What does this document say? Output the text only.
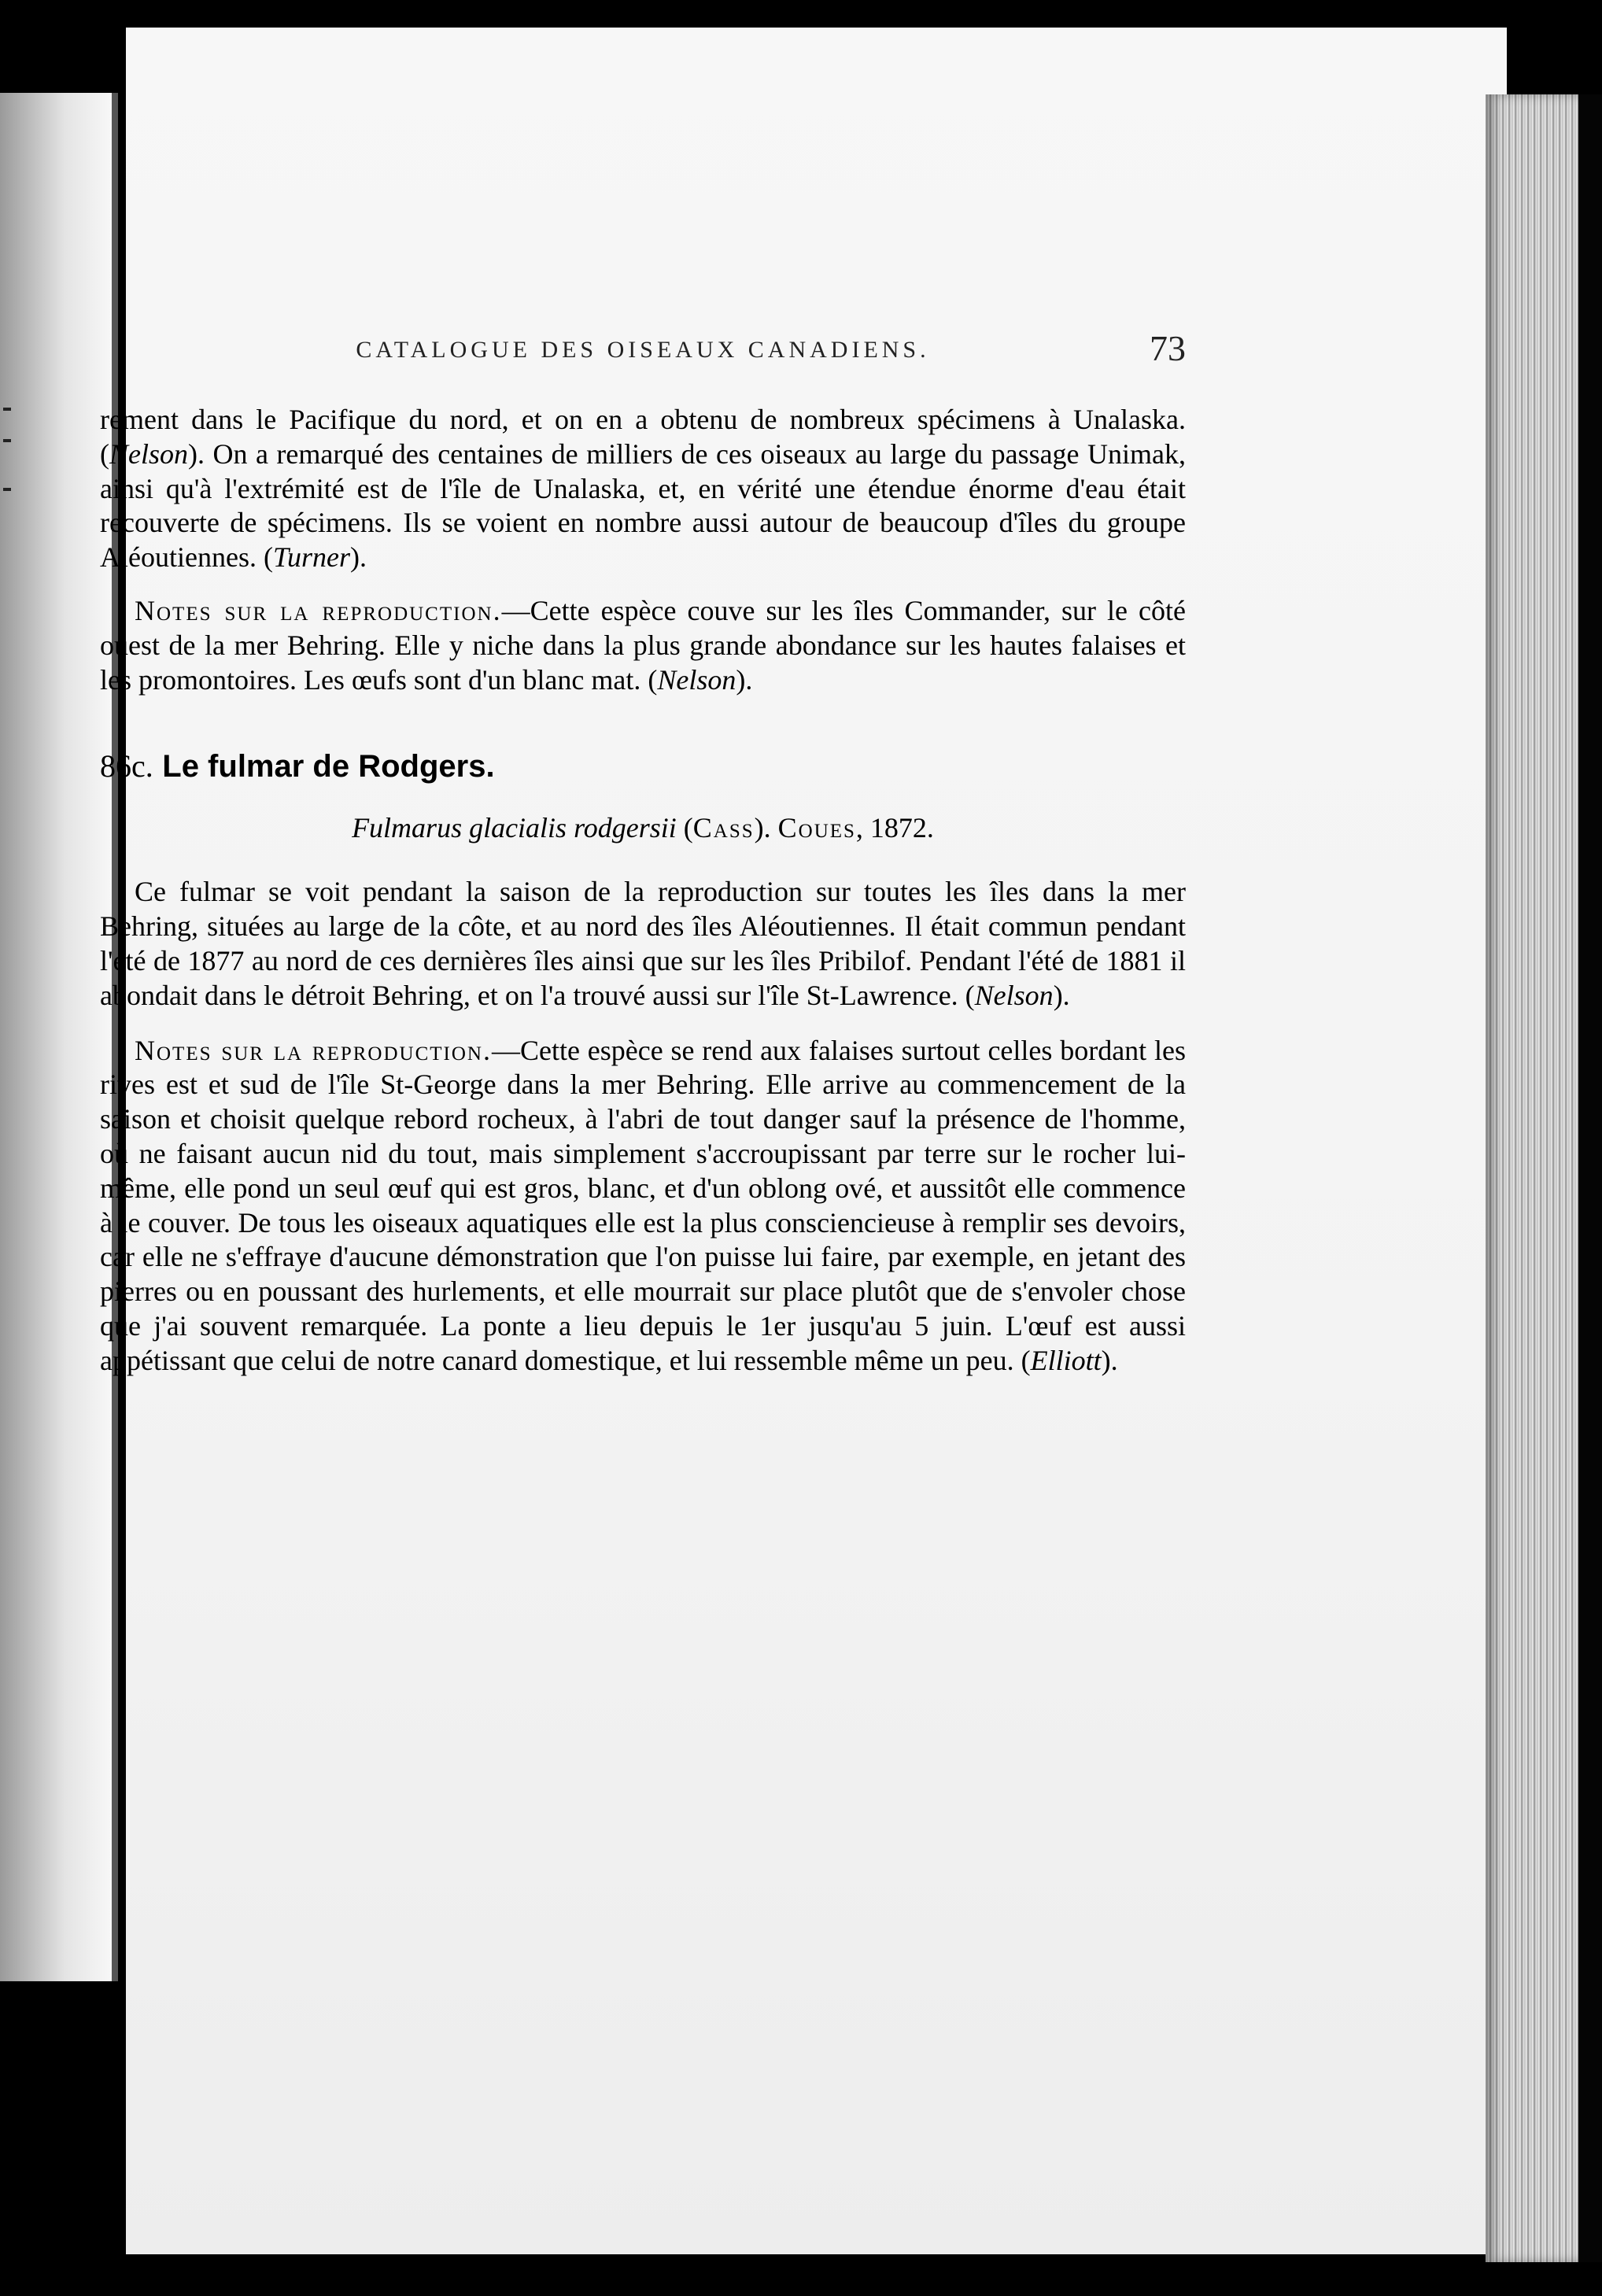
CATALOGUE DES OISEAUX CANADIENS.	73

rement dans le Pacifique du nord, et on en a obtenu de nombreux spécimens à Unalaska. (Nelson). On a remarqué des centaines de milliers de ces oiseaux au large du passage Unimak, ainsi qu'à l'extrémité est de l'île de Unalaska, et, en vérité une étendue énorme d'eau était recouverte de spécimens. Ils se voient en nombre aussi autour de beaucoup d'îles du groupe Aléoutiennes. (Turner).

Notes sur la reproduction.—Cette espèce couve sur les îles Commander, sur le côté ouest de la mer Behring. Elle y niche dans la plus grande abondance sur les hautes falaises et les promontoires. Les œufs sont d'un blanc mat. (Nelson).

86c. Le fulmar de Rodgers.

Fulmarus glacialis rodgersii (Cass). Coues, 1872.

Ce fulmar se voit pendant la saison de la reproduction sur toutes les îles dans la mer Behring, situées au large de la côte, et au nord des îles Aléoutiennes. Il était commun pendant l'été de 1877 au nord de ces dernières îles ainsi que sur les îles Pribilof. Pendant l'été de 1881 il abondait dans le détroit Behring, et on l'a trouvé aussi sur l'île St-Lawrence. (Nelson).

Notes sur la reproduction.—Cette espèce se rend aux falaises surtout celles bordant les rives est et sud de l'île St-George dans la mer Behring. Elle arrive au commencement de la saison et choisit quelque rebord rocheux, à l'abri de tout danger sauf la présence de l'homme, où ne faisant aucun nid du tout, mais simplement s'accroupissant par terre sur le rocher lui-même, elle pond un seul œuf qui est gros, blanc, et d'un oblong ové, et aussitôt elle commence à le couver. De tous les oiseaux aquatiques elle est la plus consciencieuse à remplir ses devoirs, car elle ne s'effraye d'aucune démonstration que l'on puisse lui faire, par exemple, en jetant des pierres ou en poussant des hurlements, et elle mourrait sur place plutôt que de s'envoler chose que j'ai souvent remarquée. La ponte a lieu depuis le 1er jusqu'au 5 juin. L'œuf est aussi appétissant que celui de notre canard domestique, et lui ressemble même un peu. (Elliott).
